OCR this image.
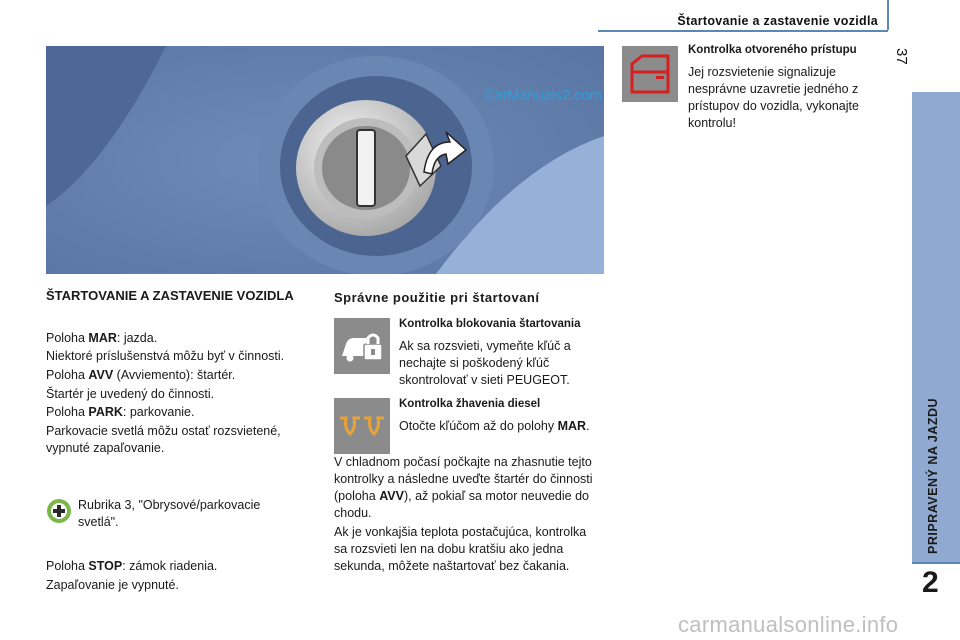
Štartovanie a zastavenie vozidla
37
PRIPRAVENÝ NA JAZDU
2
CarManuals2.com
ŠTARTOVANIE A ZASTAVENIE VOZIDLA

Poloha MAR: jazda.

Niektoré príslušenstvá môžu byť v činnosti.

Poloha AVV (Avviemento): štartér.

Štartér je uvedený do činnosti.

Poloha PARK: parkovanie.

Parkovacie svetlá môžu ostať rozsvietené, vypnuté zapaľovanie.

Rubrika 3, "Obrysové/parkovacie svetlá".

Poloha STOP: zámok riadenia.

Zapaľovanie je vypnuté.

Správne použitie pri štartovaní
Kontrolka blokovania štartovania

Ak sa rozsvieti, vymeňte kľúč a nechajte si poškodený kľúč skontrolovať v sieti PEUGEOT.

Kontrolka žhavenia diesel

Otočte kľúčom až do polohy MAR.

V chladnom počasí počkajte na zhasnutie tejto kontrolky a následne uveďte štartér do činnosti (poloha AVV), až pokiaľ sa motor neuvedie do chodu.

Ak je vonkajšia teplota postačujúca, kontrolka sa rozsvieti len na dobu kratšiu ako jedna sekunda, môžete naštartovať bez čakania.

Kontrolka otvoreného prístupu

Jej rozsvietenie signalizuje nesprávne uzavretie jedného z prístupov do vozidla, vykonajte kontrolu!

carmanualsonline.info
